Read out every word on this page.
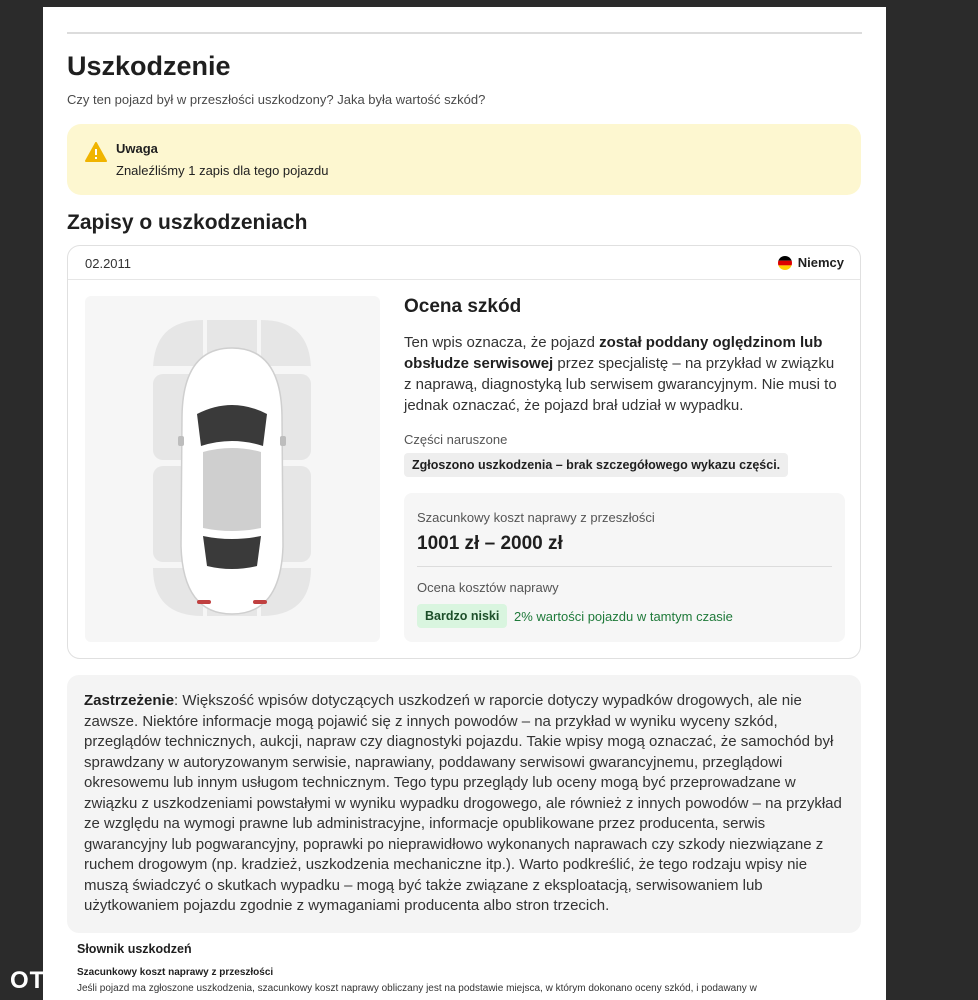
Uszkodzenie

Czy ten pojazd był w przeszłości uszkodzony? Jaka była wartość szkód?

Uwaga
Znaleźliśmy 1 zapis dla tego pojazdu
Zapisy o uszkodzeniach
02.2011	Niemcy
Ocena szkód

Ten wpis oznacza, że pojazd został poddany oględzinom lub obsłudze serwisowej przez specjalistę – na przykład w związku z naprawą, diagnostyką lub serwisem gwarancyjnym. Nie musi to jednak oznaczać, że pojazd brał udział w wypadku.

Części naruszone
Zgłoszono uszkodzenia – brak szczegółowego wykazu części.
Szacunkowy koszt naprawy z przeszłości
1001 zł – 2000 zł
Ocena kosztów naprawy
Bardzo niski	2% wartości pojazdu w tamtym czasie
Zastrzeżenie: Większość wpisów dotyczących uszkodzeń w raporcie dotyczy wypadków drogowych, ale nie zawsze. Niektóre informacje mogą pojawić się z innych powodów – na przykład w wyniku wyceny szkód, przeglądów technicznych, aukcji, napraw czy diagnostyki pojazdu. Takie wpisy mogą oznaczać, że samochód był sprawdzany w autoryzowanym serwisie, naprawiany, poddawany serwisowi gwarancyjnemu, przeglądowi okresowemu lub innym usługom technicznym. Tego typu przeglądy lub oceny mogą być przeprowadzane w związku z uszkodzeniami powstałymi w wyniku wypadku drogowego, ale również z innych powodów – na przykład ze względu na wymogi prawne lub administracyjne, informacje opublikowane przez producenta, serwis gwarancyjny lub pogwarancyjny, poprawki po nieprawidłowo wykonanych naprawach czy szkody niezwiązane z ruchem drogowym (np. kradzież, uszkodzenia mechaniczne itp.). Warto podkreślić, że tego rodzaju wpisy nie muszą świadczyć o skutkach wypadku – mogą być także związane z eksploatacją, serwisowaniem lub użytkowaniem pojazdu zgodnie z wymaganiami producenta albo stron trzecich.
Słownik uszkodzeń
Szacunkowy koszt naprawy z przeszłości
Jeśli pojazd ma zgłoszone uszkodzenia, szacunkowy koszt naprawy obliczany jest na podstawie miejsca, w którym dokonano oceny szkód, i podawany w
OTO
